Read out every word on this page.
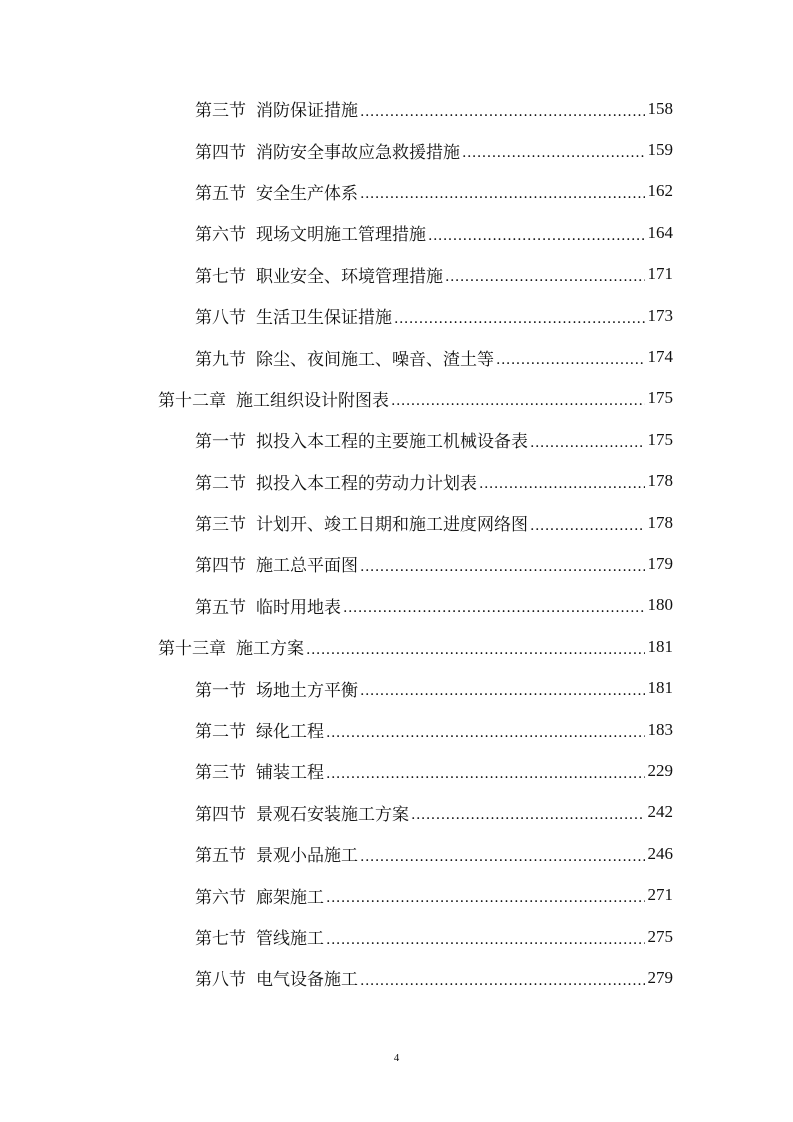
第三节 消防保证措施 .....	158
第四节 消防安全事故应急救援措施 .....	159
第五节 安全生产体系 .....	162
第六节 现场文明施工管理措施 .....	164
第七节 职业安全、环境管理措施 .....	171
第八节 生活卫生保证措施 .....	173
第九节 除尘、夜间施工、噪音、渣土等 .....	174
第十二章 施工组织设计附图表 .....	175
第一节 拟投入本工程的主要施工机械设备表 .....	175
第二节 拟投入本工程的劳动力计划表 .....	178
第三节 计划开、竣工日期和施工进度网络图 .....	178
第四节 施工总平面图 .....	179
第五节 临时用地表 .....	180
第十三章 施工方案 .....	181
第一节 场地土方平衡 .....	181
第二节 绿化工程 .....	183
第三节 铺装工程 .....	229
第四节 景观石安装施工方案 .....	242
第五节 景观小品施工 .....	246
第六节 廊架施工 .....	271
第七节 管线施工 .....	275
第八节 电气设备施工 .....	279
4
